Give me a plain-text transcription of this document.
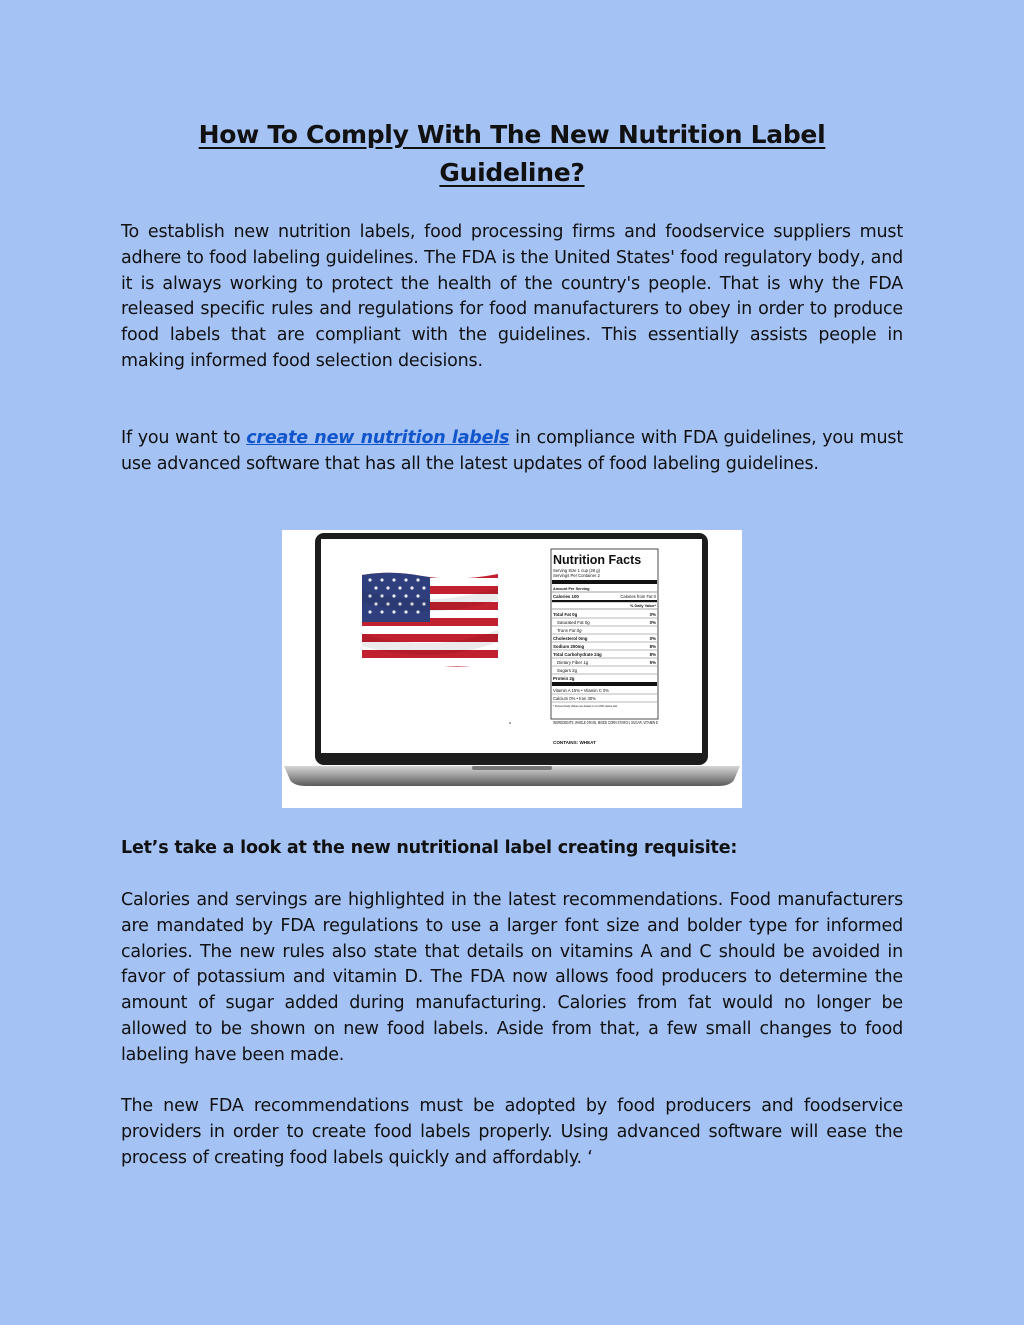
How To Comply With The New Nutrition Label Guideline?

To establish new nutrition labels, food processing firms and foodservice suppliers must adhere to food labeling guidelines. The FDA is the United States' food regulatory body, and it is always working to protect the health of the country's people. That is why the FDA released specific rules and regulations for food manufacturers to obey in order to produce food labels that are compliant with the guidelines. This essentially assists people in making informed food selection decisions.

If you want to create new nutrition labels in compliance with FDA guidelines, you must use advanced software that has all the latest updates of food labeling guidelines.

Nutrition Facts
Serving Size 1 cup (28 g)
Servings Per Container 2
Amount Per Serving
Calories 100	Calories from Fat 0
% Daily Value*
Total Fat 0g	0%
Saturated Fat 0g	0%
Trans Fat 0g
Cholesterol 0mg	0%
Sodium 200mg	8%
Total Carbohydrate 24g	8%
Dietary Fiber 1g	5%
Sugars 2g
Protein 2g
Vitamin A 15% • Vitamin C 0%
Calcium 0% • Iron 30%
* Percent Daily Values are based on a 2,000 calorie diet.
INGREDIENTS: WHOLE GRAIN, MIXED CORN STARCH, SUGAR, VITAMIN E
CONTAINS: WHEAT

Let’s take a look at the new nutritional label creating requisite:

Calories and servings are highlighted in the latest recommendations. Food manufacturers are mandated by FDA regulations to use a larger font size and bolder type for informed calories. The new rules also state that details on vitamins A and C should be avoided in favor of potassium and vitamin D. The FDA now allows food producers to determine the amount of sugar added during manufacturing. Calories from fat would no longer be allowed to be shown on new food labels. Aside from that, a few small changes to food labeling have been made.

The new FDA recommendations must be adopted by food producers and foodservice providers in order to create food labels properly. Using advanced software will ease the process of creating food labels quickly and affordably. ‘
